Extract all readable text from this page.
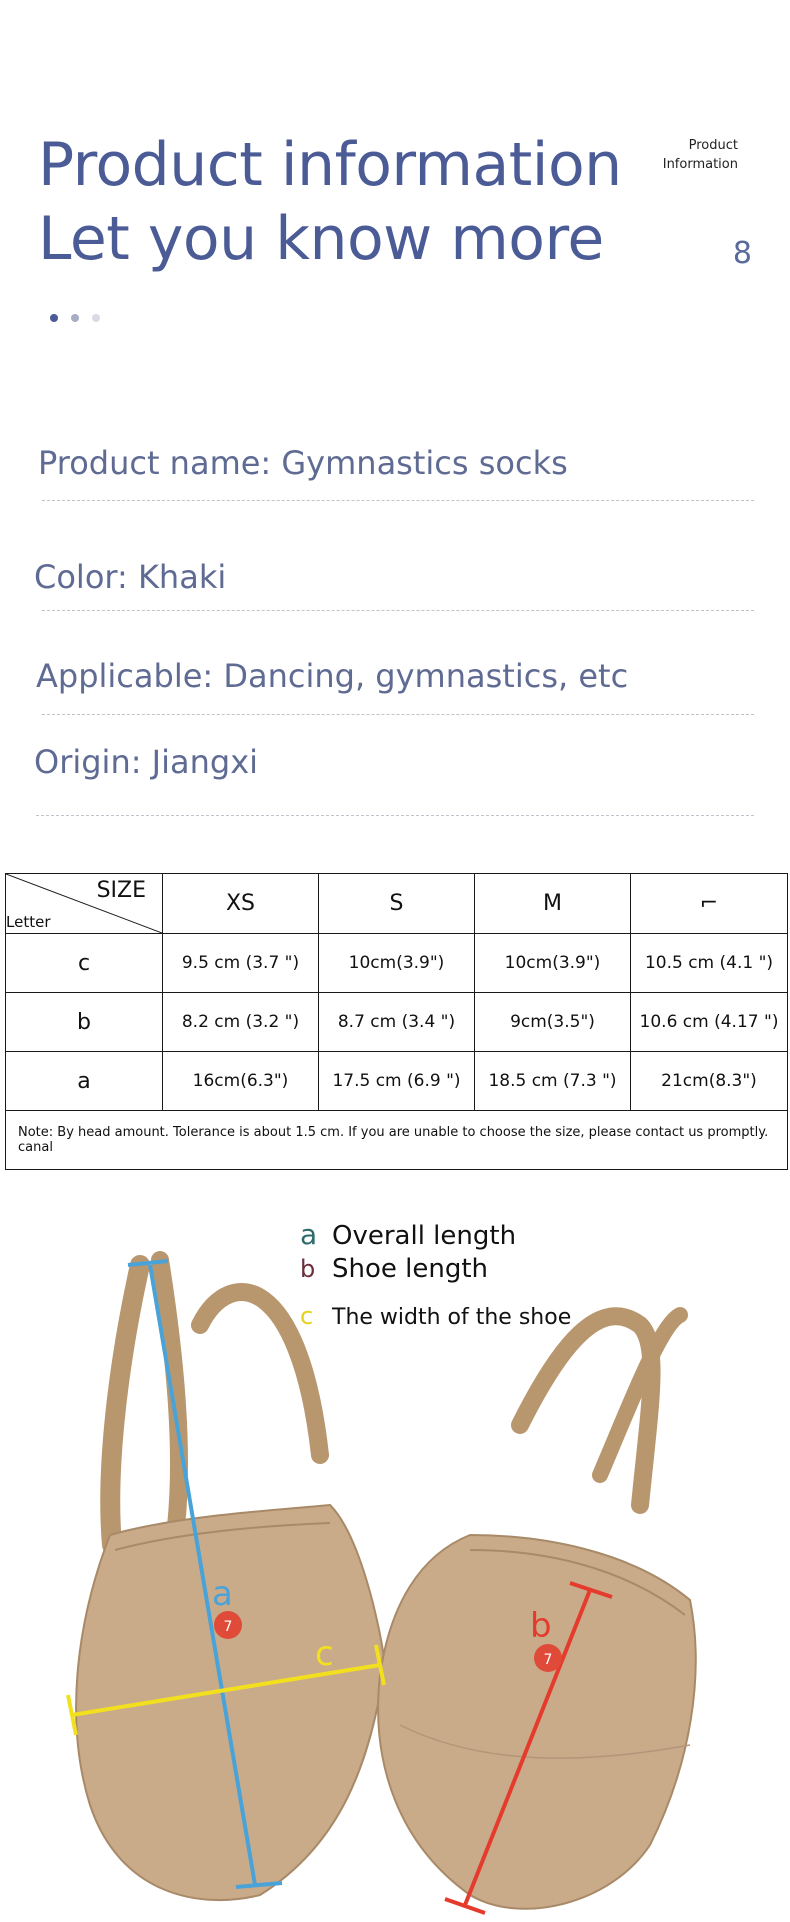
Product information
Let you know more
Product
Information
8
Product name: Gymnastics socks
Color: Khaki
Applicable: Dancing, gymnastics, etc
Origin: Jiangxi
SIZE
Letter	XS	S	M	⌐
c	9.5 cm (3.7 ")	10cm(3.9")	10cm(3.9")	10.5 cm (4.1 ")
b	8.2 cm (3.2 ")	8.7 cm (3.4 ")	9cm(3.5")	10.6 cm (4.17 ")
a	16cm(6.3")	17.5 cm (6.9 ")	18.5 cm (7.3 ")	21cm(8.3")
Note: By head amount. Tolerance is about 1.5 cm. If you are unable to choose the size, please contact us promptly. canal				
7
7
a
c
b
a Overall length
b Shoe length
c The width of the shoe
